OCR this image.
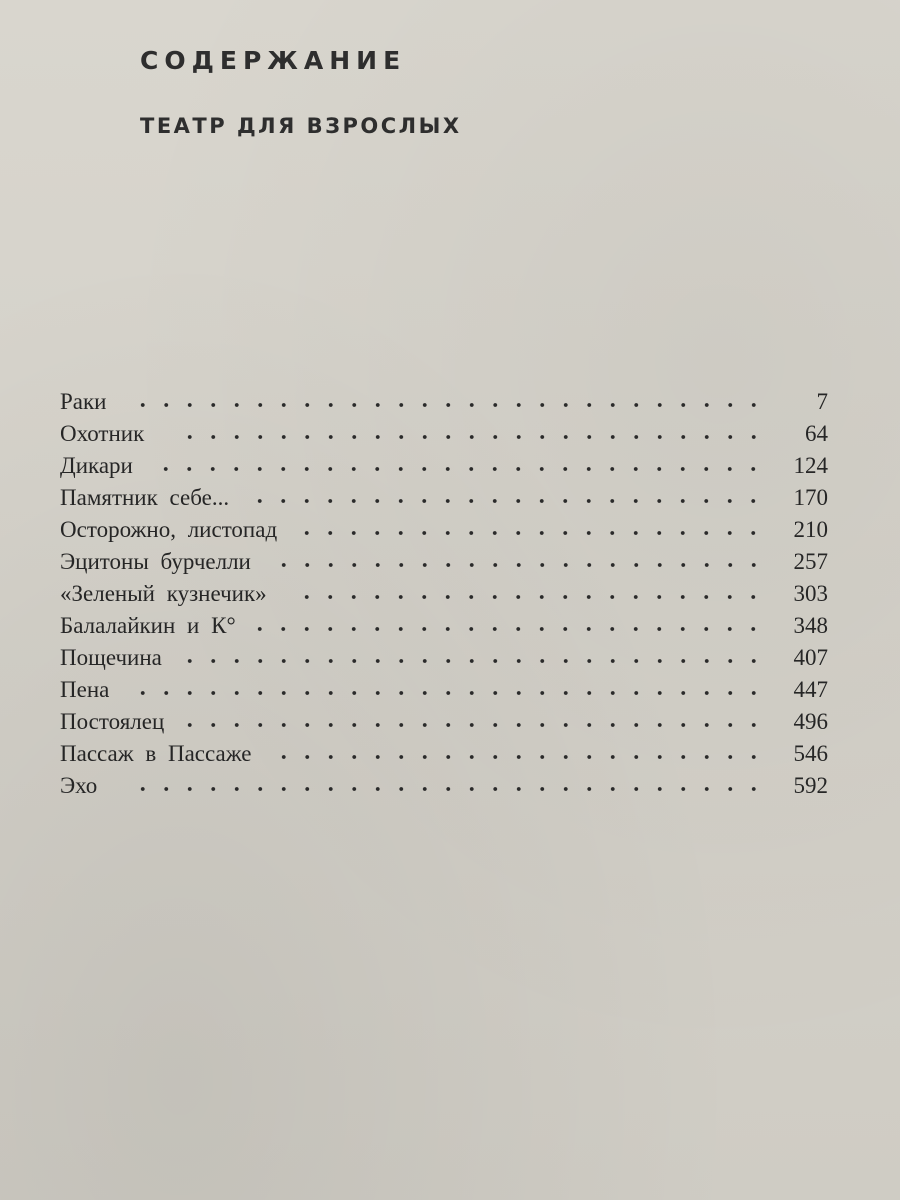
СОДЕРЖАНИЕ
ТЕАТР ДЛЯ ВЗРОСЛЫХ
Раки	7
Охотник	64
Дикари	124
Памятник себе...	170
Осторожно, листопад	210
Эцитоны бурчелли	257
«Зеленый кузнечик»	303
Балалайкин и К°	348
Пощечина	407
Пена	447
Постоялец	496
Пассаж в Пассаже	546
Эхо	592
